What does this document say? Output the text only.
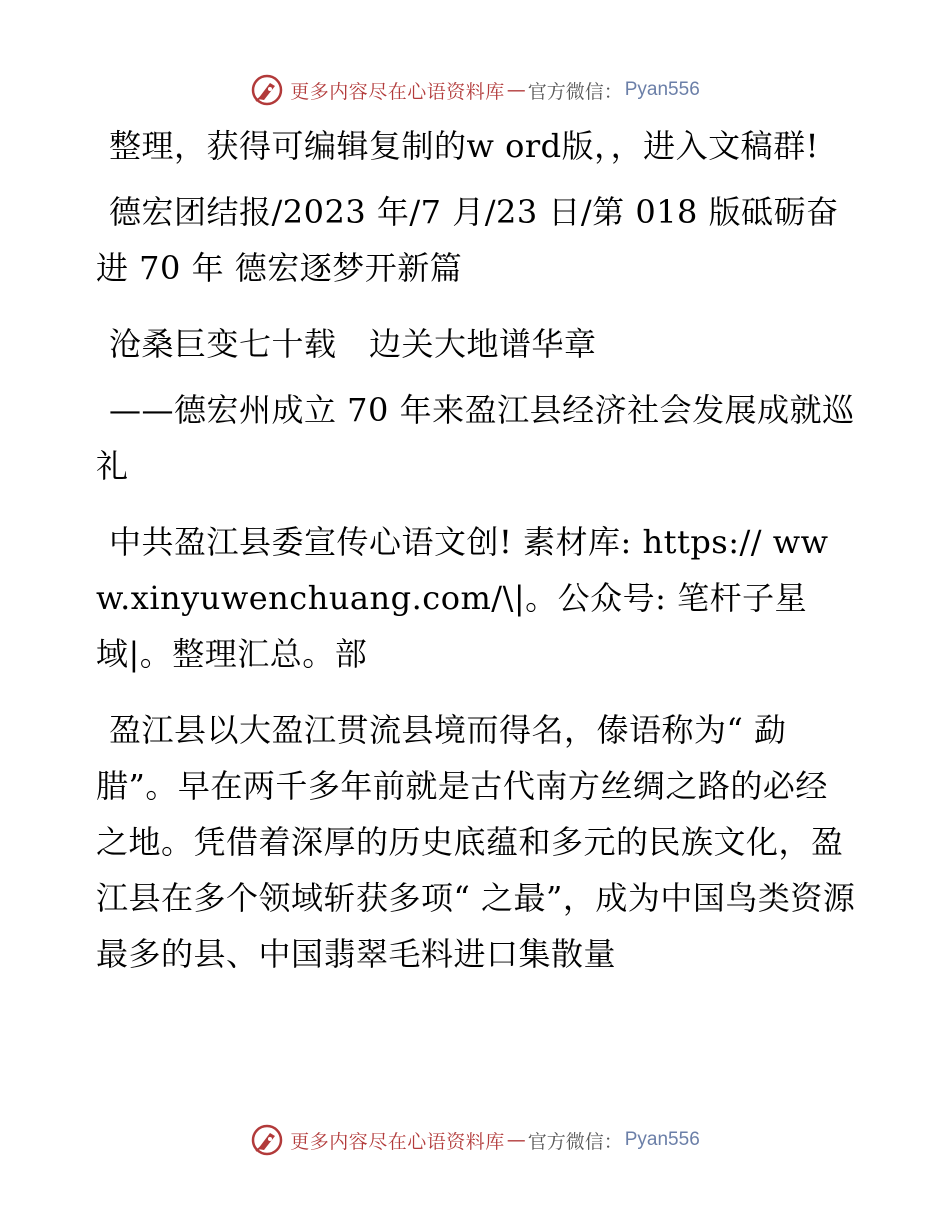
更多内容尽在心语资料库 — 官方微信： Pyan556

整理，获得可编辑复制的w ord版，，进入文稿群!

德宏团结报/2023 年/7 月/23 日/第 018 版砥砺奋进 70 年 德宏逐梦开新篇

沧桑巨变七十载　边关大地谱华章

——德宏州成立 70 年来盈江县经济社会发展成就巡礼

中共盈江县委宣传心语文创! 素材库: https:// www.xinyuwenchuang.com/\|。公众号: 笔杆子星域|。整理汇总。部

盈江县以大盈江贯流县境而得名，傣语称为“ 勐腊”。早在两千多年前就是古代南方丝绸之路的必经之地。凭借着深厚的历史底蕴和多元的民族文化，盈江县在多个领域斩获多项“ 之最”，成为中国鸟类资源最多的县、中国翡翠毛料进口集散量

更多内容尽在心语资料库 — 官方微信： Pyan556
